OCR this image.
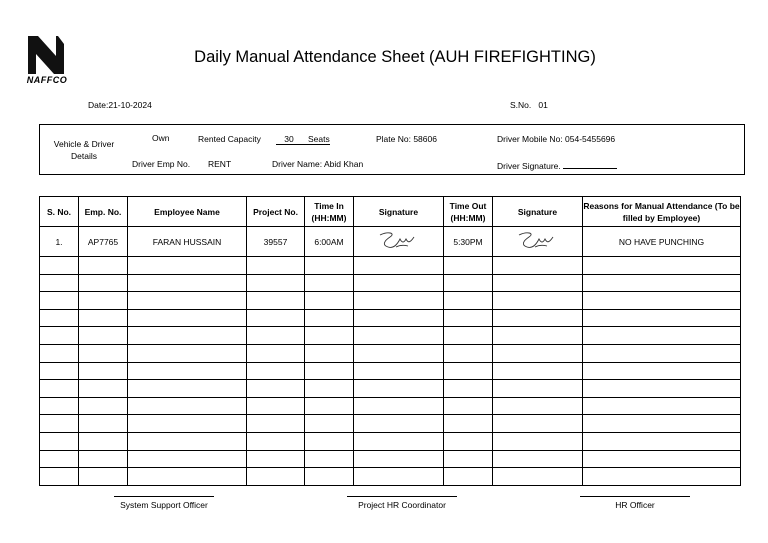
NAFFCO
Daily Manual Attendance Sheet (AUH FIREFIGHTING)
Date:21-10-2024	S.No.   01
Vehicle & Driver Details
Own	Rented Capacity	30 Seats	Plate No: 58606	Driver Mobile No: 054-5455696
Driver Emp No. RENT	Driver Name: Abid Khan	Driver Signature.
S. No.	Emp. No.	Employee Name	Project No.	Time In (HH:MM)	Signature	Time Out (HH:MM)	Signature	Reasons for Manual Attendance (To be filled by Employee)
1.	AP7765	FARAN HUSSAIN	39557	6:00AM		5:30PM		NO HAVE PUNCHING

System Support Officer	Project HR Coordinator	HR Officer
